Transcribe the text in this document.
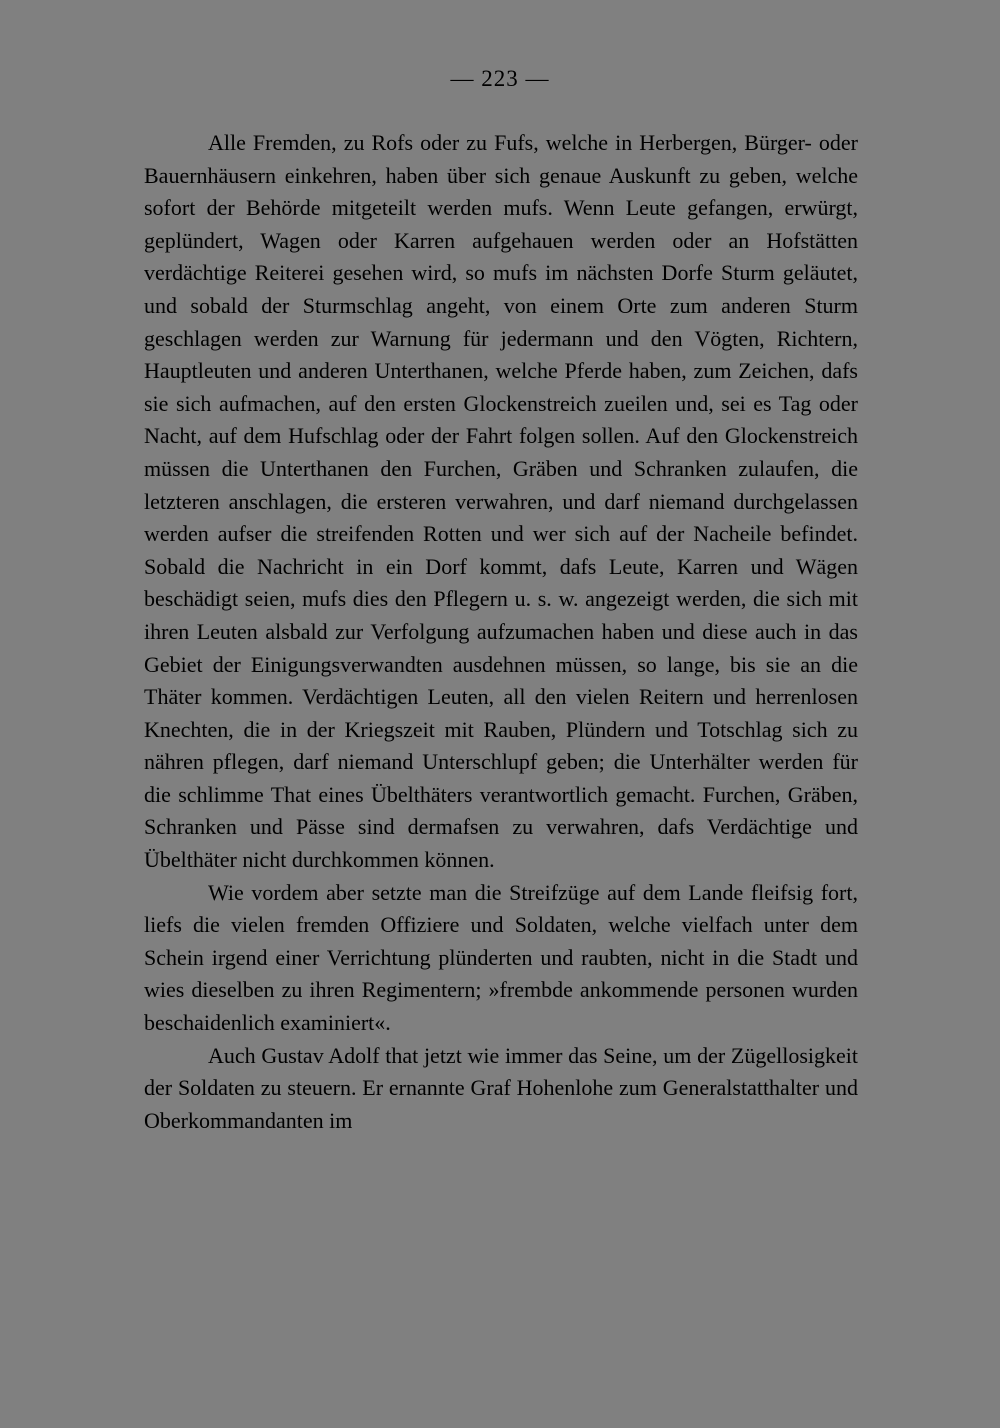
— 223 —

Alle Fremden, zu Rofs oder zu Fufs, welche in Herbergen, Bürger- oder Bauernhäusern einkehren, haben über sich genaue Auskunft zu geben, welche sofort der Behörde mitgeteilt werden mufs. Wenn Leute gefangen, erwürgt, geplündert, Wagen oder Karren aufgehauen werden oder an Hofstätten verdächtige Reiterei gesehen wird, so mufs im nächsten Dorfe Sturm geläutet, und sobald der Sturmschlag angeht, von einem Orte zum anderen Sturm geschlagen werden zur Warnung für jedermann und den Vögten, Richtern, Hauptleuten und anderen Unterthanen, welche Pferde haben, zum Zeichen, dafs sie sich aufmachen, auf den ersten Glockenstreich zueilen und, sei es Tag oder Nacht, auf dem Hufschlag oder der Fahrt folgen sollen. Auf den Glockenstreich müssen die Unterthanen den Furchen, Gräben und Schranken zulaufen, die letzteren anschlagen, die ersteren verwahren, und darf niemand durchgelassen werden aufser die streifenden Rotten und wer sich auf der Nacheile befindet. Sobald die Nachricht in ein Dorf kommt, dafs Leute, Karren und Wägen beschädigt seien, mufs dies den Pflegern u. s. w. angezeigt werden, die sich mit ihren Leuten alsbald zur Verfolgung aufzumachen haben und diese auch in das Gebiet der Einigungsverwandten ausdehnen müssen, so lange, bis sie an die Thäter kommen. Verdächtigen Leuten, all den vielen Reitern und herrenlosen Knechten, die in der Kriegszeit mit Rauben, Plündern und Totschlag sich zu nähren pflegen, darf niemand Unterschlupf geben; die Unterhälter werden für die schlimme That eines Übelthäters verantwortlich gemacht. Furchen, Gräben, Schranken und Pässe sind dermafsen zu verwahren, dafs Verdächtige und Übelthäter nicht durchkommen können.

Wie vordem aber setzte man die Streifzüge auf dem Lande fleifsig fort, liefs die vielen fremden Offiziere und Soldaten, welche vielfach unter dem Schein irgend einer Verrichtung plünderten und raubten, nicht in die Stadt und wies dieselben zu ihren Regimentern; »frembde ankommende personen wurden beschaidenlich examiniert«.

Auch Gustav Adolf that jetzt wie immer das Seine, um der Zügellosigkeit der Soldaten zu steuern. Er ernannte Graf Hohenlohe zum Generalstatthalter und Oberkommandanten im
